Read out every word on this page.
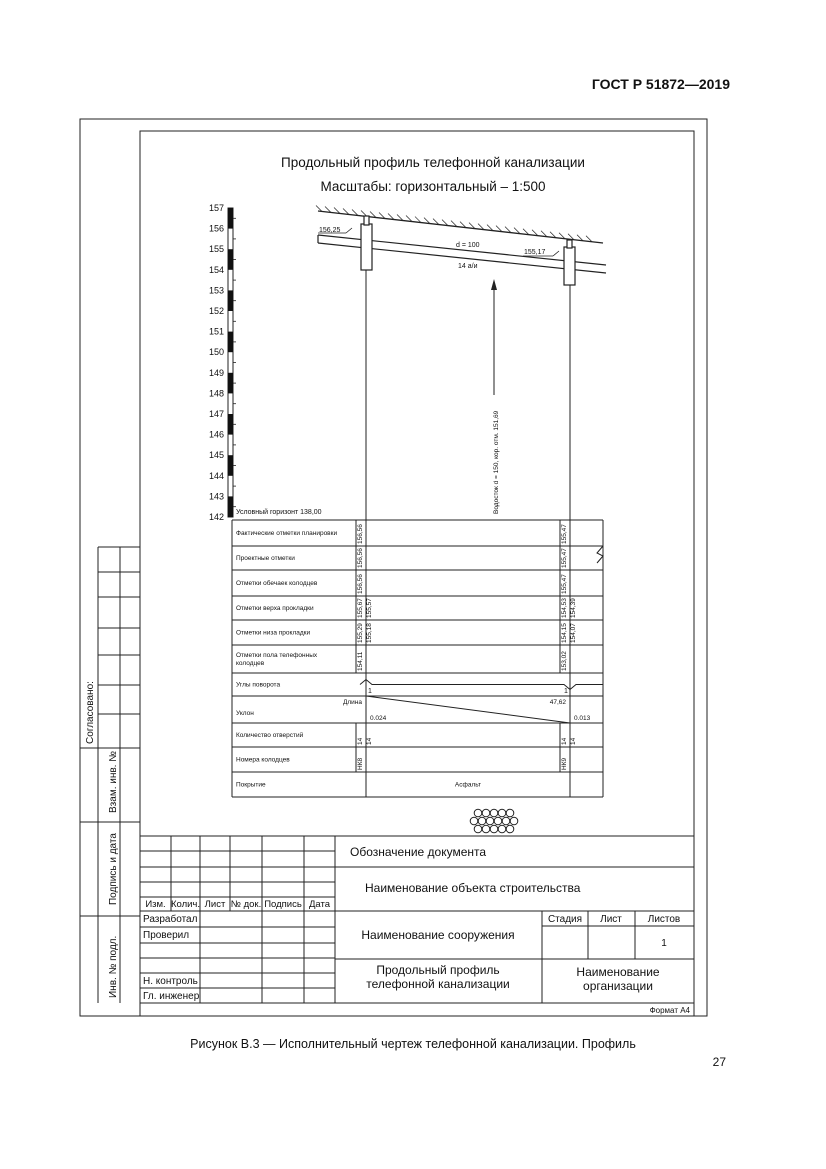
ГОСТ Р 51872—2019
Согласовано:
Взам. инв. №
Подпись и дата
Инв. № подл.
Продольный профиль телефонной канализации
Масштабы: горизонтальный – 1:500
157
156
155
154
153
152
151
150
149
148
147
146
145
144
143
142
156,25
155,17
d = 100
14 а/и
Водосток d = 150, кор. отм. 151,69
Условный горизонт 138,00
Фактические отметки планировки	156,56	155,47
Проектные отметки	156,56	155,47
Отметки обечаек колодцев	156,56	155,47
Отметки верха прокладки	155,67 155,57	154,53 154,39
Отметки низа прокладки	155,29 155,18	154,15 154,07
Отметки пола телефонных
колодцев	154,11	153,02
Углы поворота
1	1
Уклон
Длина	47,62
0.024	0.013
Количество отверстий
14 14	14 14
Номера колодцев	НК8	НК9
Покрытие	Асфальт
Обозначение документа
Наименование объекта строительства
Наименование сооружения
Продольный профиль телефонной канализации
Наименование организации
Стадия Лист	Листов
1
Формат А4
Изм. Колич. Лист № док. Подпись Дата
Разработал
Проверил
Н. контроль
Гл. инженер
Рисунок В.3 — Исполнительный чертеж телефонной канализации. Профиль
27
